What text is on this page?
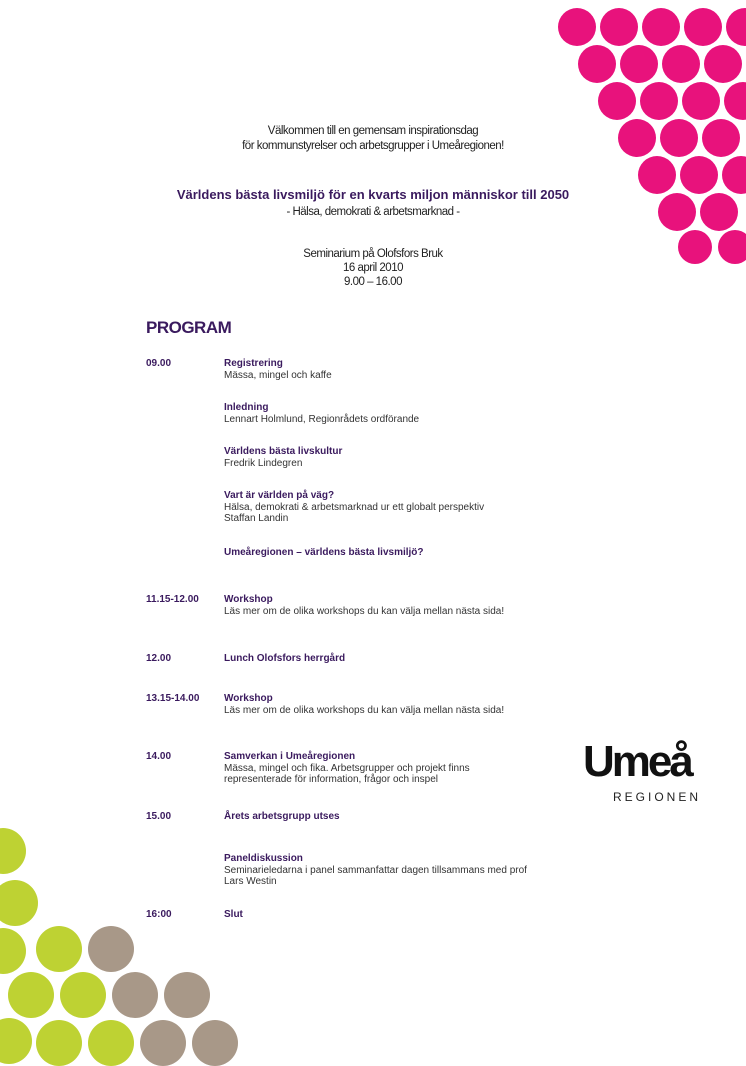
Välkommen till en gemensam inspirationsdag
för kommunstyrelser och arbetsgrupper i Umeåregionen!
Världens bästa livsmiljö för en kvarts miljon människor till 2050
- Hälsa, demokrati & arbetsmarknad -
Seminarium på Olofsfors Bruk
16 april 2010
9.00 – 16.00
PROGRAM
09.00
11.15-12.00
12.00
13.15-14.00
14.00
15.00
16:00
Registrering
Mässa, mingel och kaffe
Inledning
Lennart Holmlund, Regionrådets ordförande
Världens bästa livskultur
Fredrik Lindegren
Vart är världen på väg?
Hälsa, demokrati & arbetsmarknad ur ett globalt perspektiv
Staffan Landin
Umeåregionen – världens bästa livsmiljö?
Workshop
Läs mer om de olika workshops du kan välja mellan nästa sida!
Lunch Olofsfors herrgård
Workshop
Läs mer om de olika workshops du kan välja mellan nästa sida!
Samverkan i Umeåregionen
Mässa, mingel och fika. Arbetsgrupper och projekt finns
representerade för information, frågor och inspel
Årets arbetsgrupp utses
Paneldiskussion
Seminarieledarna i panel sammanfattar dagen tillsammans med prof
Lars Westin
Slut
Umeå
REGIONEN
